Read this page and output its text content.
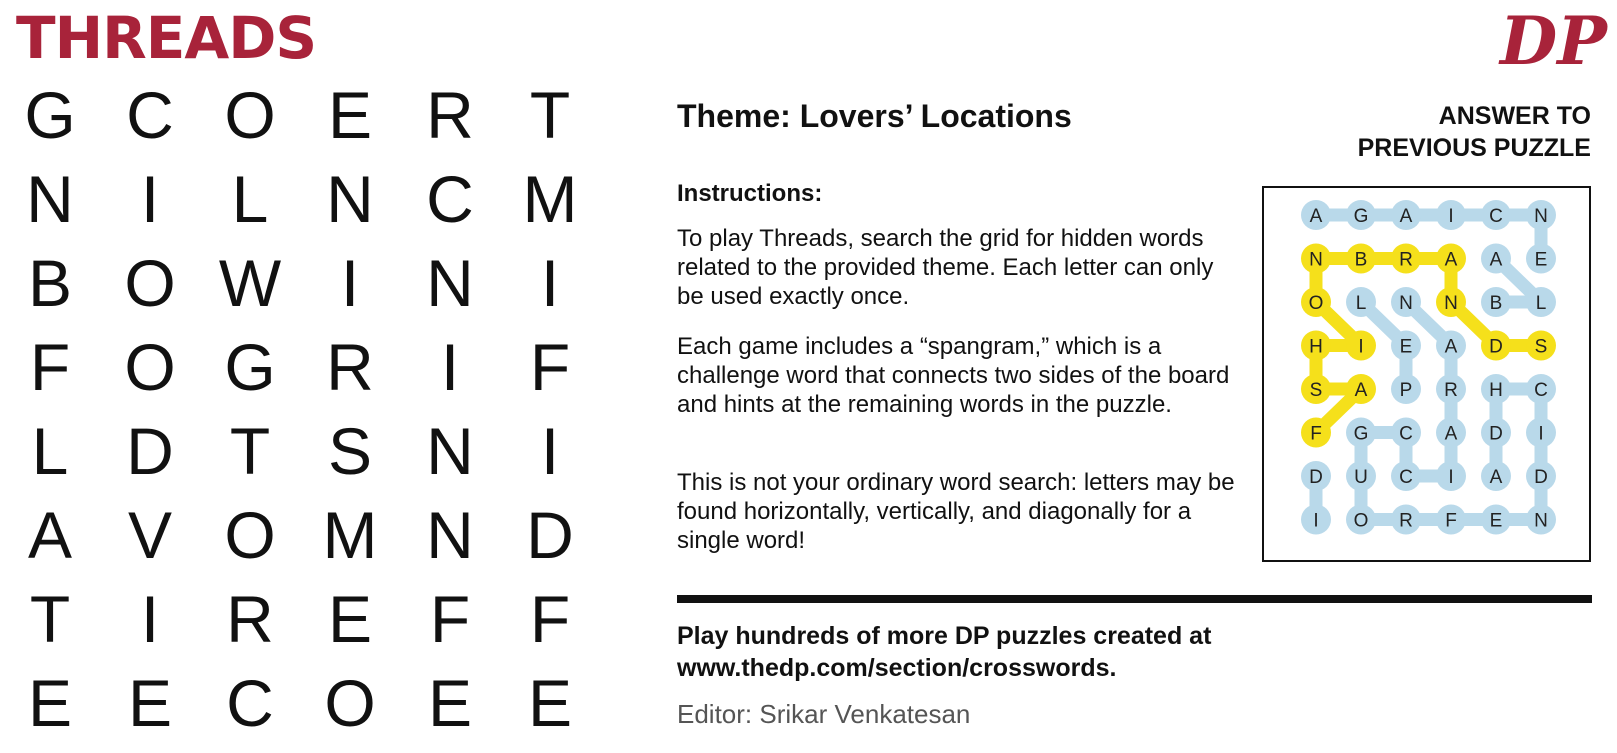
THREADS	DP
G C O E R T
N	I	L N C M
B O W I	N	I
F O G R	I	F
L D T S N	I
A V O M N D
T	I	R E F F
E E C O E E
Theme: Lovers’ Locations
Instructions:

To play Threads, search the grid for hidden words related to the provided theme. Each letter can only be used exactly once.

Each game includes a “spangram,” which is a challenge word that connects two sides of the board and hints at the remaining words in the puzzle.

This is not your ordinary word search: letters may be found horizontally, vertically, and diagonally for a single word!

ANSWER TO
PREVIOUS PUZZLE
A G A I C N
N B R A A E
O L N N B L
H I E A D S
S A P R H C
F G C A D I
D U C I A D
I O R F E N
Play hundreds of more DP puzzles created at
www.thedp.com/section/crosswords.
Editor: Srikar Venkatesan
